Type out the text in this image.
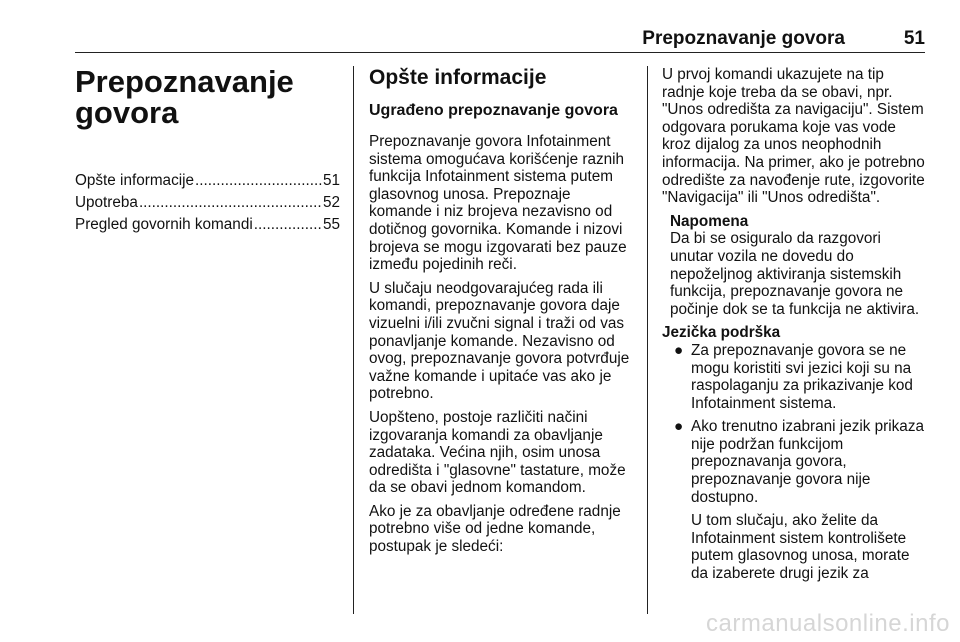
Prepoznavanje govora	51
Prepoznavanje
govora
Opšte informacije .....	51
Upotreba .....	52
Pregled govornih komandi .....	55
Opšte informacije
Ugrađeno prepoznavanje govora

Prepoznavanje govora Infotainment sistema omogućava korišćenje raznih funkcija Infotainment sistema putem glasovnog unosa. Prepoznaje komande i niz brojeva nezavisno od dotičnog govornika. Komande i nizovi brojeva se mogu izgovarati bez pauze između pojedinih reči.

U slučaju neodgovarajućeg rada ili komandi, prepoznavanje govora daje vizuelni i/ili zvučni signal i traži od vas ponavljanje komande. Nezavisno od ovog, prepoznavanje govora potvrđuje važne komande i upitaće vas ako je potrebno.

Uopšteno, postoje različiti načini izgovaranja komandi za obavljanje zadataka. Većina njih, osim unosa odredišta i "glasovne" tastature, može da se obavi jednom komandom.

Ako je za obavljanje određene radnje potrebno više od jedne komande, postupak je sledeći:

U prvoj komandi ukazujete na tip radnje koje treba da se obavi, npr. "Unos odredišta za navigaciju". Sistem odgovara porukama koje vas vode kroz dijalog za unos neophodnih informacija. Na primer, ako je potrebno odredište za navođenje rute, izgovorite "Navigacija" ili "Unos odredišta".

Napomena
Da bi se osiguralo da razgovori unutar vozila ne dovedu do nepoželjnog aktiviranja sistemskih funkcija, prepoznavanje govora ne počinje dok se ta funkcija ne aktivira.
Jezička podrška
● Za prepoznavanje govora se ne mogu koristiti svi jezici koji su na raspolaganju za prikazivanje kod Infotainment sistema.
● Ako trenutno izabrani jezik prikaza nije podržan funkcijom prepoznavanja govora, prepoznavanje govora nije dostupno.

U tom slučaju, ako želite da Infotainment sistem kontrolišete putem glasovnog unosa, morate da izaberete drugi jezik za

carmanualsonline.info
